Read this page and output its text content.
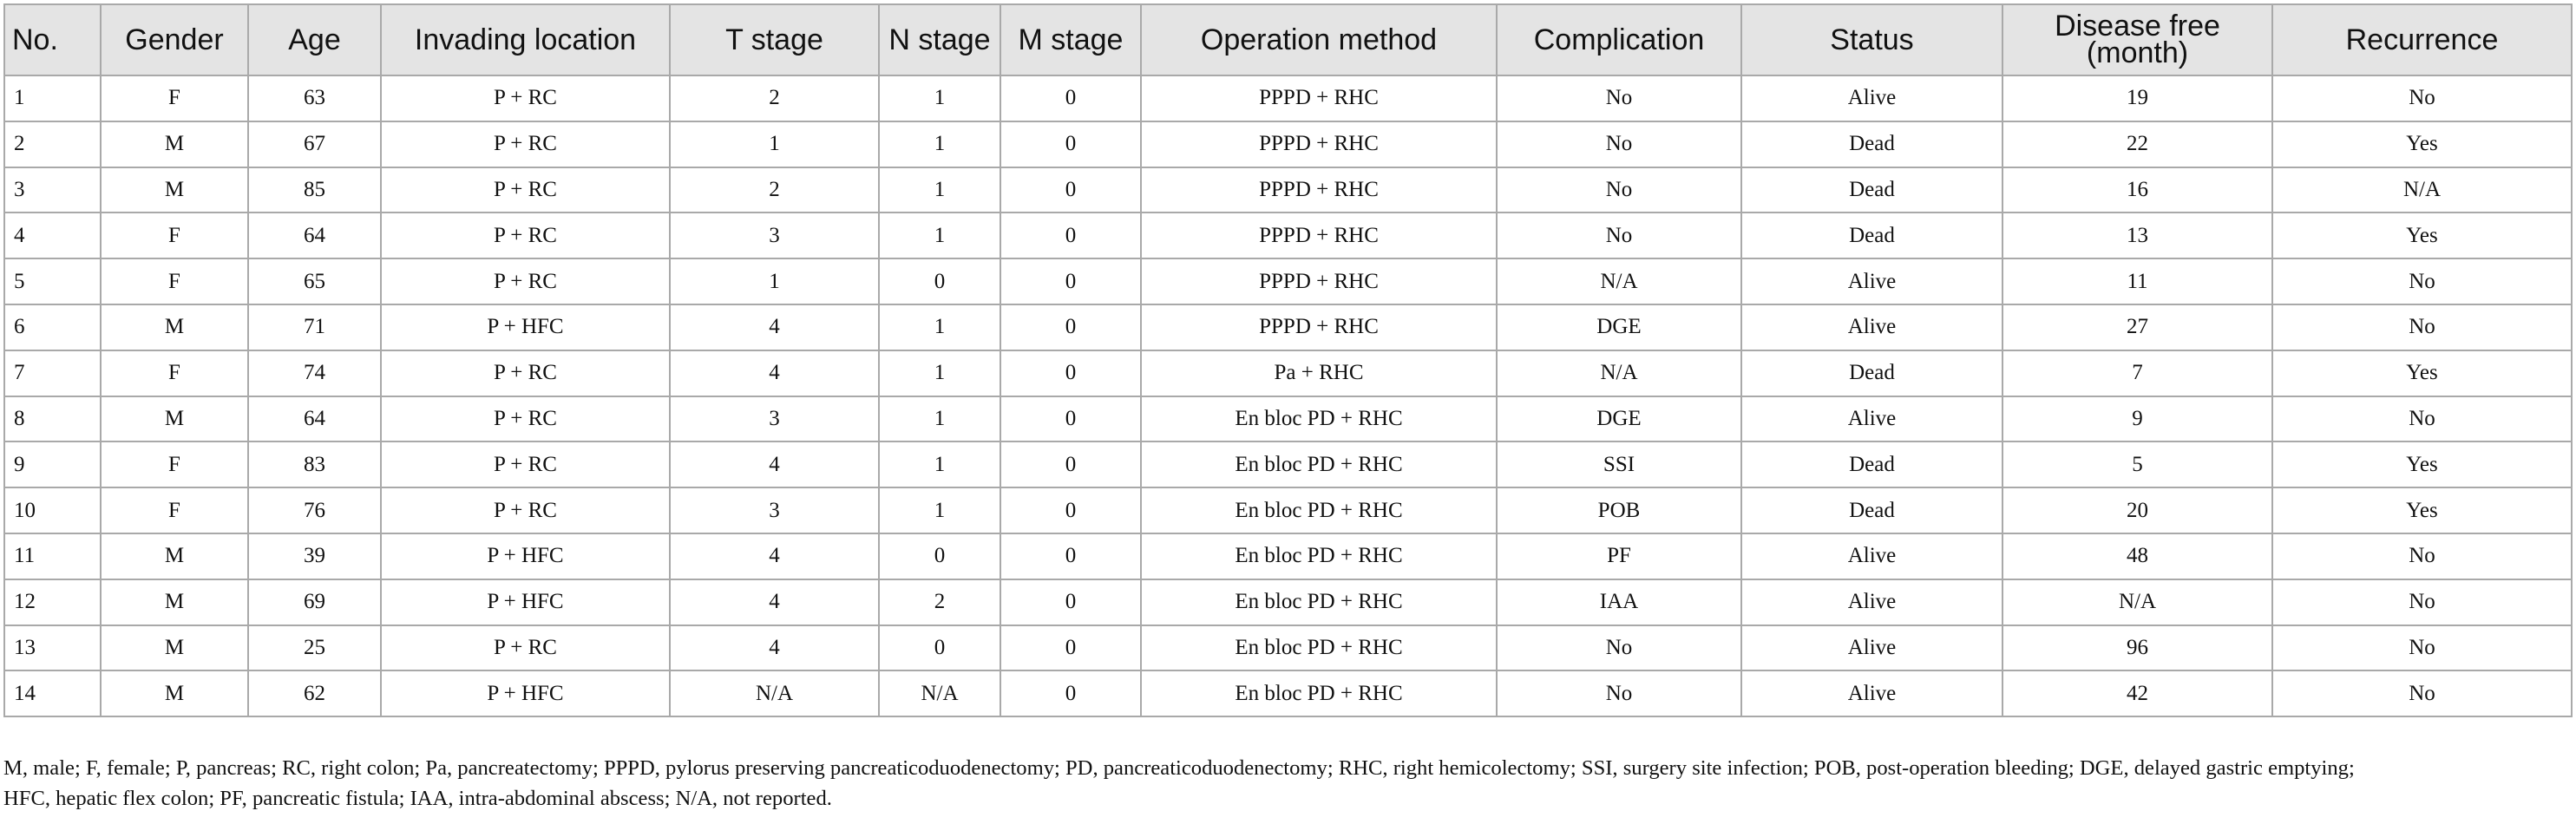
No.	Gender	Age	Invading location	T stage	N stage	M stage	Operation method	Complication	Status	Disease free (month)	Recurrence
1	F	63	P + RC	2	1	0	PPPD + RHC	No	Alive	19	No
2	M	67	P + RC	1	1	0	PPPD + RHC	No	Dead	22	Yes
3	M	85	P + RC	2	1	0	PPPD + RHC	No	Dead	16	N/A
4	F	64	P + RC	3	1	0	PPPD + RHC	No	Dead	13	Yes
5	F	65	P + RC	1	0	0	PPPD + RHC	N/A	Alive	11	No
6	M	71	P + HFC	4	1	0	PPPD + RHC	DGE	Alive	27	No
7	F	74	P + RC	4	1	0	Pa + RHC	N/A	Dead	7	Yes
8	M	64	P + RC	3	1	0	En bloc PD + RHC	DGE	Alive	9	No
9	F	83	P + RC	4	1	0	En bloc PD + RHC	SSI	Dead	5	Yes
10	F	76	P + RC	3	1	0	En bloc PD + RHC	POB	Dead	20	Yes
11	M	39	P + HFC	4	0	0	En bloc PD + RHC	PF	Alive	48	No
12	M	69	P + HFC	4	2	0	En bloc PD + RHC	IAA	Alive	N/A	No
13	M	25	P + RC	4	0	0	En bloc PD + RHC	No	Alive	96	No
14	M	62	P + HFC	N/A	N/A	0	En bloc PD + RHC	No	Alive	42	No
M, male; F, female; P, pancreas; RC, right colon; Pa, pancreatectomy; PPPD, pylorus preserving pancreaticoduodenectomy; PD, pancreaticoduodenectomy; RHC, right hemicolectomy; SSI, surgery site infection; POB, post-operation bleeding; DGE, delayed gastric emptying;
HFC, hepatic flex colon; PF, pancreatic fistula; IAA, intra-abdominal abscess; N/A, not reported.
